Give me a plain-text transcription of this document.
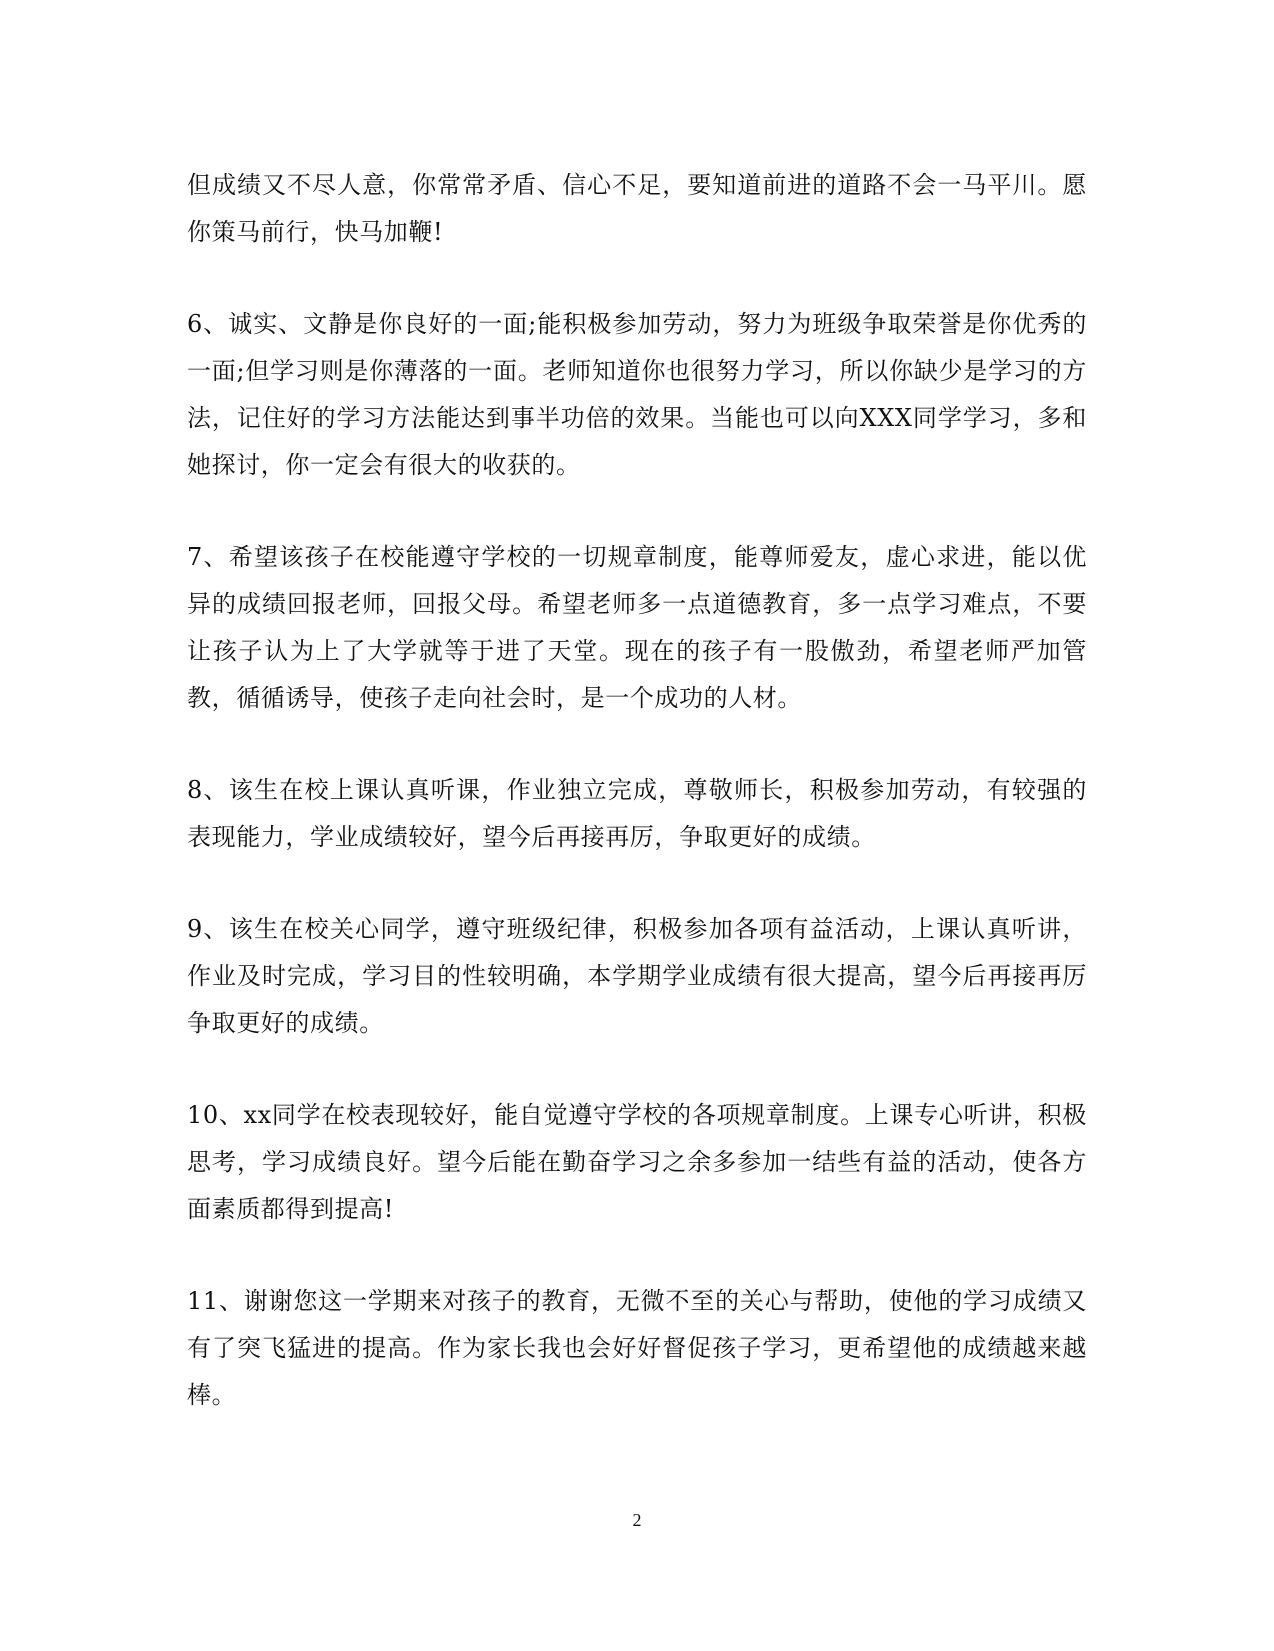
但成绩又不尽人意，你常常矛盾、信心不足，要知道前进的道路不会一马平川。愿你策马前行，快马加鞭!

6、诚实、文静是你良好的一面;能积极参加劳动，努力为班级争取荣誉是你优秀的一面;但学习则是你薄落的一面。老师知道你也很努力学习，所以你缺少是学习的方法，记住好的学习方法能达到事半功倍的效果。当能也可以向XXX同学学习，多和她探讨，你一定会有很大的收获的。

7、希望该孩子在校能遵守学校的一切规章制度，能尊师爱友，虚心求进，能以优异的成绩回报老师，回报父母。希望老师多一点道德教育，多一点学习难点，不要让孩子认为上了大学就等于进了天堂。现在的孩子有一股傲劲，希望老师严加管教，循循诱导，使孩子走向社会时，是一个成功的人材。

8、该生在校上课认真听课，作业独立完成，尊敬师长，积极参加劳动，有较强的表现能力，学业成绩较好，望今后再接再厉，争取更好的成绩。

9、该生在校关心同学，遵守班级纪律，积极参加各项有益活动，上课认真听讲，作业及时完成，学习目的性较明确，本学期学业成绩有很大提高，望今后再接再厉争取更好的成绩。

10、xx同学在校表现较好，能自觉遵守学校的各项规章制度。上课专心听讲，积极思考，学习成绩良好。望今后能在勤奋学习之余多参加一结些有益的活动，使各方面素质都得到提高!

11、谢谢您这一学期来对孩子的教育，无微不至的关心与帮助，使他的学习成绩又有了突飞猛进的提高。作为家长我也会好好督促孩子学习，更希望他的成绩越来越棒。

2
